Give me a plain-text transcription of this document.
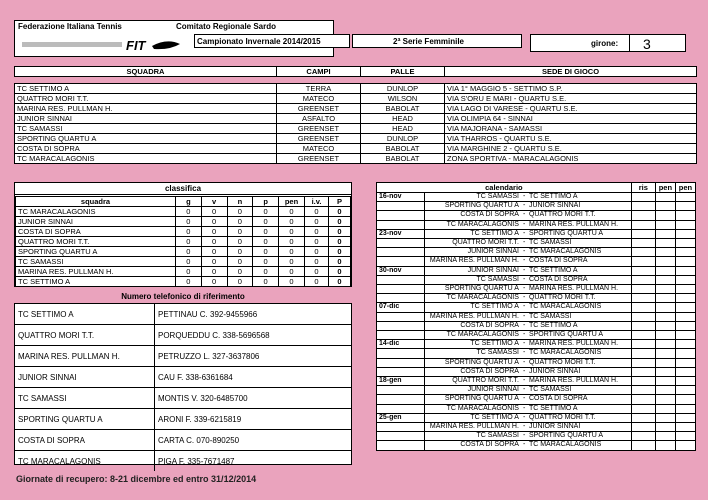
Federazione Italiana Tennis	Comitato Regionale Sardo
FIT	Campionato Invernale 2014/2015	2ª Serie Femminile	girone: 3
SQUADRA	CAMPI	PALLE	SEDE DI GIOCO

TC SETTIMO A	TERRA	DUNLOP	VIA 1° MAGGIO 5 - SETTIMO S.P.
QUATTRO MORI T.T.	MATECO	WILSON	VIA S'ORU E MARI - QUARTU S.E.
MARINA RES. PULLMAN H.	GREENSET	BABOLAT	VIA LAGO DI VARESE - QUARTU S.E.
JUNIOR SINNAI	ASFALTO	HEAD	VIA OLIMPIA 64 - SINNAI
TC SAMASSI	GREENSET	HEAD	VIA MAJORANA - SAMASSI
SPORTING QUARTU A	GREENSET	DUNLOP	VIA THARROS - QUARTU S.E.
COSTA DI SOPRA	MATECO	BABOLAT	VIA MARGHINE 2 - QUARTU S.E.
TC MARACALAGONIS	GREENSET	BABOLAT	ZONA SPORTIVA - MARACALAGONIS
classifica
squadra	g	v	n	p	pen	i.v.	P
TC MARACALAGONIS	0	0	0	0	0	0	0
JUNIOR SINNAI	0	0	0	0	0	0	0
COSTA DI SOPRA	0	0	0	0	0	0	0
QUATTRO MORI T.T.	0	0	0	0	0	0	0
SPORTING QUARTU A	0	0	0	0	0	0	0
TC SAMASSI	0	0	0	0	0	0	0
MARINA RES. PULLMAN H.	0	0	0	0	0	0	0
TC SETTIMO A	0	0	0	0	0	0	0
Numero telefonico di riferimento
TC SETTIMO A	PETTINAU C. 392-9455966
QUATTRO MORI T.T.	PORQUEDDU C. 338-5696568
MARINA RES. PULLMAN H.	PETRUZZO L. 327-3637806
JUNIOR SINNAI	CAU F. 338-6361684
TC SAMASSI	MONTIS V. 320-6485700
SPORTING QUARTU A	ARONI F. 339-6215819
COSTA DI SOPRA	CARTA C. 070-890250
TC MARACALAGONIS	PIGA F. 335-7671487
calendario				ris	pen	pen
16-nov	TC SAMASSI	-	TC SETTIMO A			
	SPORTING QUARTU A	-	JUNIOR SINNAI			
	COSTA DI SOPRA	-	QUATTRO MORI T.T.			
	TC MARACALAGONIS	-	MARINA RES. PULLMAN H.			
23-nov	TC SETTIMO A	-	SPORTING QUARTU A			
	QUATTRO MORI T.T.	-	TC SAMASSI			
	JUNIOR SINNAI	-	TC MARACALAGONIS			
	MARINA RES. PULLMAN H.	-	COSTA DI SOPRA			
30-nov	JUNIOR SINNAI	-	TC SETTIMO A			
	TC SAMASSI	-	COSTA DI SOPRA			
	SPORTING QUARTU A	-	MARINA RES. PULLMAN H.			
	TC MARACALAGONIS	-	QUATTRO MORI T.T.			
07-dic	TC SETTIMO A	-	TC MARACALAGONIS			
	MARINA RES. PULLMAN H.	-	TC SAMASSI			
	COSTA DI SOPRA	-	TC SETTIMO A			
	TC MARACALAGONIS	-	SPORTING QUARTU A			
14-dic	TC SETTIMO A	-	MARINA RES. PULLMAN H.			
	TC SAMASSI	-	TC MARACALAGONIS			
	SPORTING QUARTU A	-	QUATTRO MORI T.T.			
	COSTA DI SOPRA	-	JUNIOR SINNAI			
18-gen	QUATTRO MORI T.T.	-	MARINA RES. PULLMAN H.			
	JUNIOR SINNAI	-	TC SAMASSI			
	SPORTING QUARTU A	-	COSTA DI SOPRA			
	TC MARACALAGONIS	-	TC SETTIMO A			
25-gen	TC SETTIMO A	-	QUATTRO MORI T.T.			
	MARINA RES. PULLMAN H.	-	JUNIOR SINNAI			
	TC SAMASSI	-	SPORTING QUARTU A			
	COSTA DI SOPRA	-	TC MARACALAGONIS			
Giornate di recupero: 8-21 dicembre ed entro 31/12/2014
